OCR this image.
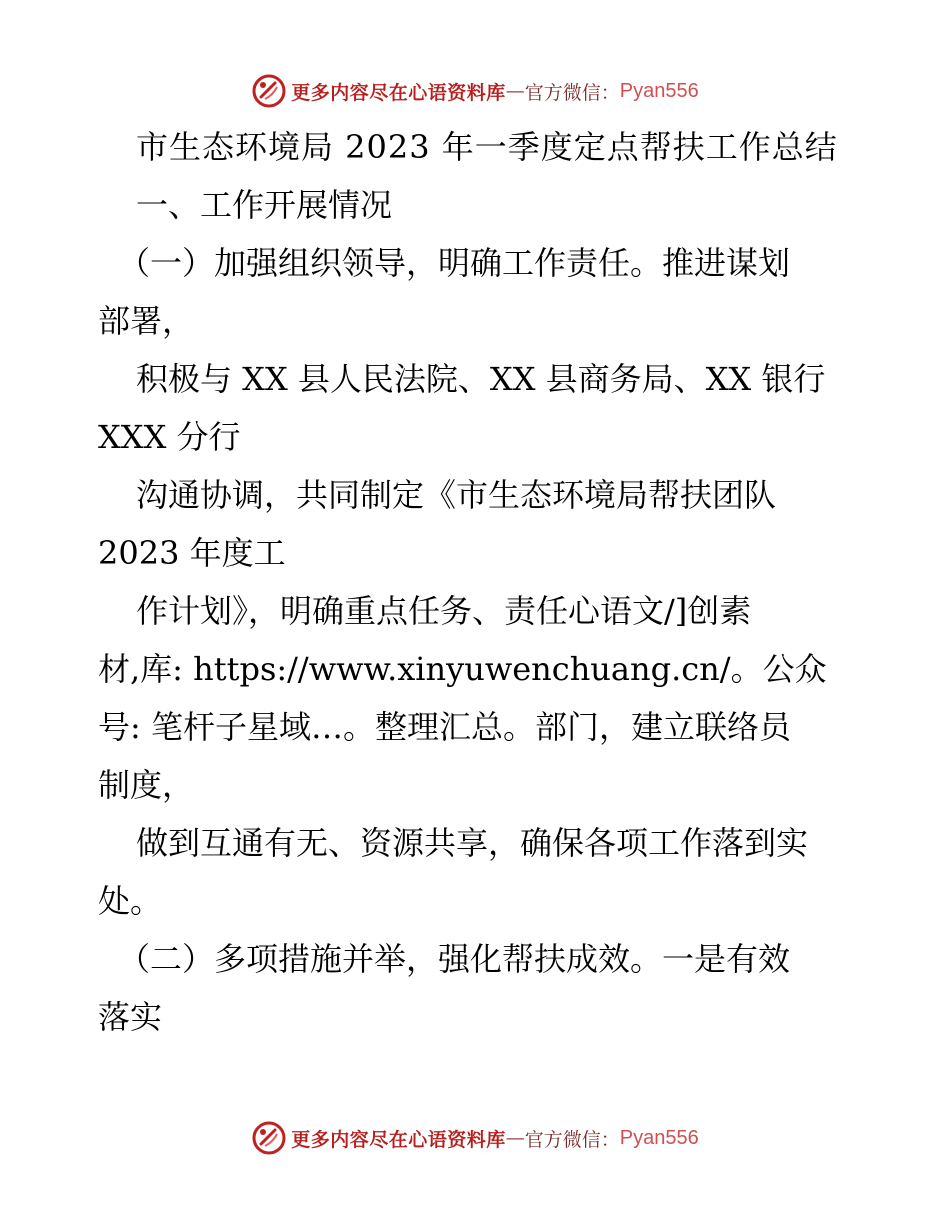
更多内容尽在心语资料库 — 官方微信： Pyan556
市生态环境局 2023 年一季度定点帮扶工作总结
一、工作开展情况
（一）加强组织领导，明确工作责任。推进谋划
部署，
积极与 XX 县人民法院、XX 县商务局、XX 银行
XXX 分行
沟通协调，共同制定《市生态环境局帮扶团队
2023 年度工
作计划》，明确重点任务、责任心语文/]创素
材,库: https://www.xinyuwenchuang.cn/。公众
号: 笔杆子星域…。整理汇总。部门，建立联络员
制度，
做到互通有无、资源共享，确保各项工作落到实
处。
（二）多项措施并举，强化帮扶成效。一是有效
落实
更多内容尽在心语资料库 — 官方微信： Pyan556
